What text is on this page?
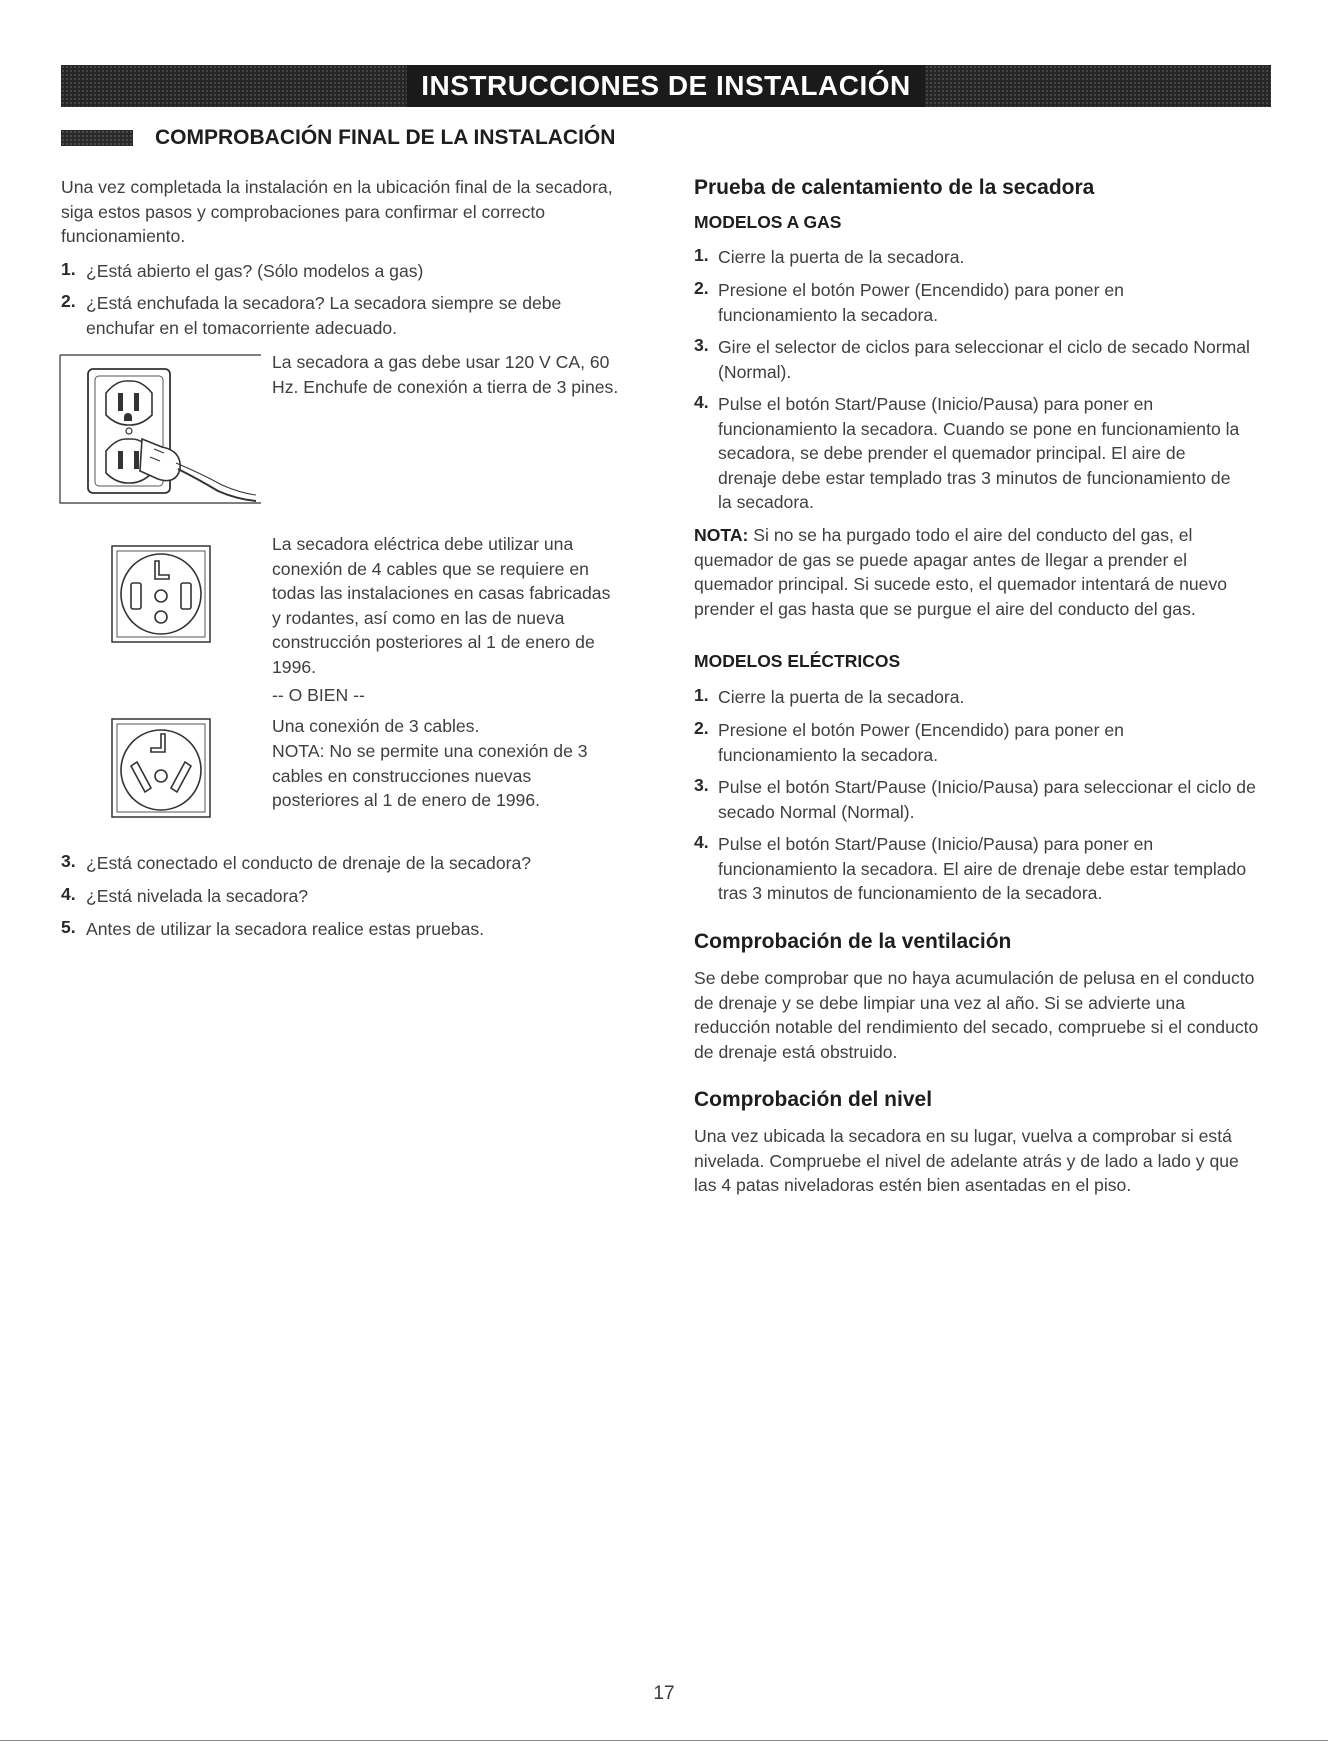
INSTRUCCIONES DE INSTALACIÓN
COMPROBACIÓN FINAL DE LA INSTALACIÓN

Una vez completada la instalación en la ubicación final de la secadora, siga estos pasos y comprobaciones para confirmar el correcto funcionamiento.

1. ¿Está abierto el gas? (Sólo modelos a gas)

2. ¿Está enchufada la secadora? La secadora siempre se debe enchufar en el tomacorriente adecuado.

La secadora a gas debe usar 120 V CA, 60 Hz. Enchufe de conexión a tierra de 3 pines.

La secadora eléctrica debe utilizar una conexión de 4 cables que se requiere en todas las instalaciones en casas fabricadas y rodantes, así como en las de nueva construcción posteriores al 1 de enero de 1996.

-- O BIEN --

Una conexión de 3 cables.

NOTA: No se permite una conexión de 3 cables en construcciones nuevas posteriores al 1 de enero de 1996.

3. ¿Está conectado el conducto de drenaje de la secadora?

4. ¿Está nivelada la secadora?

5. Antes de utilizar la secadora realice estas pruebas.

Prueba de calentamiento de la secadora
MODELOS A GAS
1. Cierre la puerta de la secadora.

2. Presione el botón Power (Encendido) para poner en funcionamiento la secadora.

3. Gire el selector de ciclos para seleccionar el ciclo de secado Normal (Normal).

4. Pulse el botón Start/Pause (Inicio/Pausa) para poner en funcionamiento la secadora. Cuando se pone en funcionamiento la secadora, se debe prender el quemador principal. El aire de drenaje debe estar templado tras 3 minutos de funcionamiento de la secadora.

NOTA: Si no se ha purgado todo el aire del conducto del gas, el quemador de gas se puede apagar antes de llegar a prender el quemador principal. Si sucede esto, el quemador intentará de nuevo prender el gas hasta que se purgue el aire del conducto del gas.

MODELOS ELÉCTRICOS
1. Cierre la puerta de la secadora.

2. Presione el botón Power (Encendido) para poner en funcionamiento la secadora.

3. Pulse el botón Start/Pause (Inicio/Pausa) para seleccionar el ciclo de secado Normal (Normal).

4. Pulse el botón Start/Pause (Inicio/Pausa) para poner en funcionamiento la secadora. El aire de drenaje debe estar templado tras 3 minutos de funcionamiento de la secadora.

Comprobación de la ventilación

Se debe comprobar que no haya acumulación de pelusa en el conducto de drenaje y se debe limpiar una vez al año. Si se advierte una reducción notable del rendimiento del secado, compruebe si el conducto de drenaje está obstruido.

Comprobación del nivel

Una vez ubicada la secadora en su lugar, vuelva a comprobar si está nivelada. Compruebe el nivel de adelante atrás y de lado a lado y que las 4 patas niveladoras estén bien asentadas en el piso.

17
